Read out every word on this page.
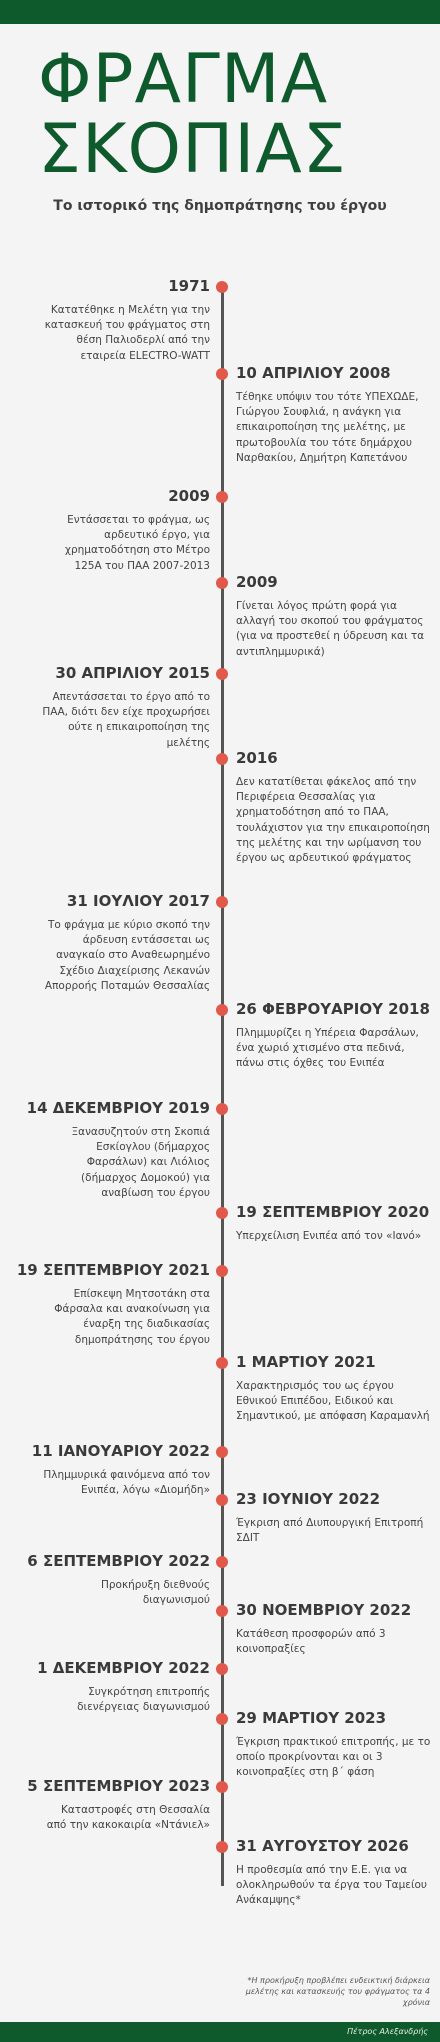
ΦΡΑΓΜΑ
ΣΚΟΠΙΑΣ
Το ιστορικό της δημοπράτησης του έργου
1971
Κατατέθηκε η Μελέτη για την κατασκευή του φράγματος στη θέση Παλιοδερλί από την εταιρεία ELECTRO-WATT
10 ΑΠΡΙΛΙΟΥ 2008
Τέθηκε υπόψιν του τότε ΥΠΕΧΩΔΕ, Γιώργου Σουφλιά, η ανάγκη για επικαιροποίηση της μελέτης, με πρωτοβουλία του τότε δημάρχου Ναρθακίου, Δημήτρη Καπετάνου
2009
Εντάσσεται το φράγμα, ως αρδευτικό έργο, για χρηματοδότηση στο Μέτρο 125Α του ΠΑΑ 2007-2013
2009
Γίνεται λόγος πρώτη φορά για αλλαγή του σκοπού του φράγματος (για να προστεθεί η ύδρευση και τα αντιπλημμυρικά)
30 ΑΠΡΙΛΙΟΥ 2015
Απεντάσσεται το έργο από το ΠΑΑ, διότι δεν είχε προχωρήσει ούτε η επικαιροποίηση της μελέτης
2016
Δεν κατατίθεται φάκελος από την Περιφέρεια Θεσσαλίας για χρηματοδότηση από το ΠΑΑ, τουλάχιστον για την επικαιροποίηση της μελέτης και την ωρίμανση του έργου ως αρδευτικού φράγματος
31 ΙΟΥΛΙΟΥ 2017
Το φράγμα με κύριο σκοπό την άρδευση εντάσσεται ως αναγκαίο στο Αναθεωρημένο Σχέδιο Διαχείρισης Λεκανών Απορροής Ποταμών Θεσσαλίας
26 ΦΕΒΡΟΥΑΡΙΟΥ 2018
Πλημμυρίζει η Υπέρεια Φαρσάλων, ένα χωριό χτισμένο στα πεδινά, πάνω στις όχθες του Ενιπέα
14 ΔΕΚΕΜΒΡΙΟΥ 2019
Ξανασυζητούν στη Σκοπιά Εσκίογλου (δήμαρχος Φαρσάλων) και Λιόλιος (δήμαρχος Δομοκού) για αναβίωση του έργου
19 ΣΕΠΤΕΜΒΡΙΟΥ 2020
Υπερχείλιση Ενιπέα από τον «Ιανό»
19 ΣΕΠΤΕΜΒΡΙΟΥ 2021
Επίσκεψη Μητσοτάκη στα Φάρσαλα και ανακοίνωση για έναρξη της διαδικασίας δημοπράτησης του έργου
1 ΜΑΡΤΙΟΥ 2021
Χαρακτηρισμός του ως έργου Εθνικού Επιπέδου, Ειδικού και Σημαντικού, με απόφαση Καραμανλή
11 ΙΑΝΟΥΑΡΙΟΥ 2022
Πλημμυρικά φαινόμενα από τον Ενιπέα, λόγω «Διομήδη» 23 ΙΟΥΝΙΟΥ 2022
Έγκριση από Διυπουργική Επιτροπή ΣΔΙΤ
6 ΣΕΠΤΕΜΒΡΙΟΥ 2022
Προκήρυξη διεθνούς διαγωνισμού
30 ΝΟΕΜΒΡΙΟΥ 2022
Κατάθεση προσφορών από 3 κοινοπραξίες
1 ΔΕΚΕΜΒΡΙΟΥ 2022
Συγκρότηση επιτροπής διενέργειας διαγωνισμού
29 ΜΑΡΤΙΟΥ 2023
Έγκριση πρακτικού επιτροπής, με το οποίο προκρίνονται και οι 3 κοινοπραξίες στη β΄ φάση
5 ΣΕΠΤΕΜΒΡΙΟΥ 2023
Καταστροφές στη Θεσσαλία από την κακοκαιρία «Ντάνιελ»
31 ΑΥΓΟΥΣΤΟΥ 2026
Η προθεσμία από την Ε.Ε. για να ολοκληρωθούν τα έργα του Ταμείου Ανάκαμψης*
*Η προκήρυξη προβλέπει ενδεικτική διάρκεια μελέτης και κατασκευής του φράγματος τα 4 χρόνια
Πέτρος Αλεξανδρής
